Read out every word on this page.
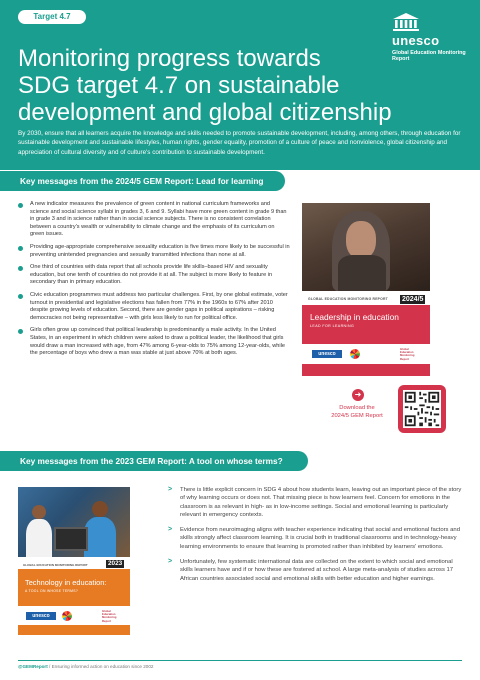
Target 4.7
Monitoring progress towards
SDG target 4.7 on sustainable
development and global citizenship

By 2030, ensure that all learners acquire the knowledge and skills needed to promote sustainable development, including, among others, through education for sustainable development and sustainable lifestyles, human rights, gender equality, promotion of a culture of peace and nonviolence, global citizenship and appreciation of cultural diversity and of culture's contribution to sustainable development.

unesco
Global Education Monitoring Report
Key messages from the 2024/5 GEM Report: Lead for learning
A new indicator measures the prevalence of green content in national curriculum frameworks and science and social science syllabi in grades 3, 6 and 9. Syllabi have more green content in grade 9 than in grade 3 and in science rather than in social science subjects. There is no consistent correlation between a country's wealth or vulnerability to climate change and the emphasis of its curriculum on green issues.
Providing age-appropriate comprehensive sexuality education is five times more likely to be successful in preventing unintended pregnancies and sexually transmitted infections than none at all.
One third of countries with data report that all schools provide life skills–based HIV and sexuality education, but one tenth of countries do not provide it at all. The subject is more likely to feature in secondary than in primary education.
Civic education programmes must address two particular challenges. First, by one global estimate, voter turnout in presidential and legislative elections has fallen from 77% in the 1960s to 67% after 2010 despite growing levels of education. Second, there are gender gaps in political aspirations – risking democracies not being representative – with girls less likely to run for political office.
Girls often grow up convinced that political leadership is predominantly a male activity. In the United States, in an experiment in which children were asked to draw a political leader, the likelihood that girls would draw a man increased with age, from 47% among 6-year-olds to 75% among 12-year-olds, while the percentage of boys who drew a man was stable at just above 70% at both ages.
GLOBAL EDUCATION MONITORING REPORT 2024/5
Leadership in education
LEAD FOR LEARNING
unesco
Global Education Monitoring Report
➜
Download the
2024/5 GEM Report
Key messages from the 2023 GEM Report: A tool on whose terms?
GLOBAL EDUCATION MONITORING REPORT	2023
Technology in education:
A TOOL ON WHOSE TERMS?
unesco
Global Education Monitoring Report
> There is little explicit concern in SDG 4 about how students learn, leaving out an important piece of the story of why learning occurs or does not. That missing piece is how learners feel. Concern for emotions in the classroom is as relevant in high- as in low-income settings. Social and emotional learning is particularly relevant in emergency contexts.
> Evidence from neuroimaging aligns with teacher experience indicating that social and emotional factors and skills strongly affect classroom learning. It is crucial both in traditional classrooms and in technology-heavy learning environments to ensure that learning is promoted rather than inhibited by learners' emotions.
> Unfortunately, few systematic international data are collected on the extent to which social and emotional skills learners have and if or how these are fostered at school. A large meta-analysis of studies across 17 African countries associated social and emotional skills with better education and higher earnings.
@GEMReport / Ensuring informed action on education since 2002
